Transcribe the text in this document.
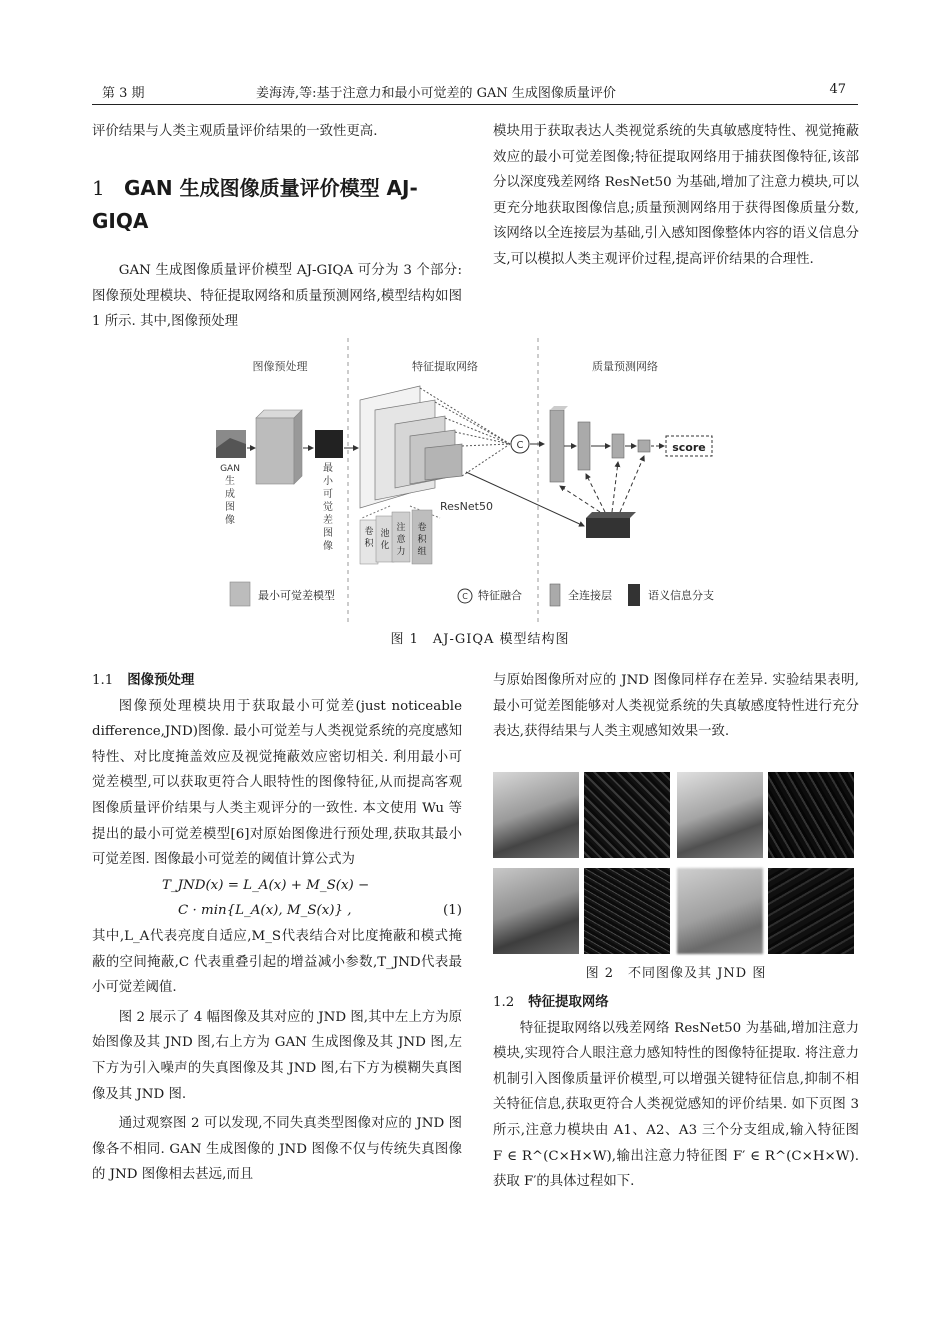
第 3 期	姜海涛,等:基于注意力和最小可觉差的 GAN 生成图像质量评价	47

评价结果与人类主观质量评价结果的一致性更高.

1 GAN 生成图像质量评价模型 AJ-GIQA

GAN 生成图像质量评价模型 AJ-GIQA 可分为 3 个部分:图像预处理模块、特征提取网络和质量预测网络,模型结构如图 1 所示. 其中,图像预处理

模块用于获取表达人类视觉系统的失真敏感度特性、视觉掩蔽效应的最小可觉差图像;特征提取网络用于捕获图像特征,该部分以深度残差网络 ResNet50 为基础,增加了注意力模块,可以更充分地获取图像信息;质量预测网络用于获得图像质量分数,该网络以全连接层为基础,引入感知图像整体内容的语义信息分支,可以模拟人类主观评价过程,提高评价结果的合理性.

图像预处理	特征提取网络	质量预测网络
GAN
生
成
图
像
最
小
可
觉
差
图
像
ResNet50
C
卷
积
池
化
注
意
力
卷
积
组
score
最小可觉差模型	C 特征融合	全连接层	语义信息分支
图 1　AJ-GIQA 模型结构图
1.1 图像预处理

图像预处理模块用于获取最小可觉差(just noticeable difference,JND)图像. 最小可觉差与人类视觉系统的亮度感知特性、对比度掩盖效应及视觉掩蔽效应密切相关. 利用最小可觉差模型,可以获取更符合人眼特性的图像特征,从而提高客观图像质量评价结果与人类主观评分的一致性. 本文使用 Wu 等提出的最小可觉差模型[6]对原始图像进行预处理,获取其最小可觉差图. 图像最小可觉差的阈值计算公式为

T_JND(x) = L_A(x) + M_S(x) −
C · min{L_A(x), M_S(x)} ,	(1)

其中,L_A代表亮度自适应,M_S代表结合对比度掩蔽和模式掩蔽的空间掩蔽,C 代表重叠引起的增益减小参数,T_JND代表最小可觉差阈值.

图 2 展示了 4 幅图像及其对应的 JND 图,其中左上方为原始图像及其 JND 图,右上方为 GAN 生成图像及其 JND 图,左下方为引入噪声的失真图像及其 JND 图,右下方为模糊失真图像及其 JND 图.

通过观察图 2 可以发现,不同失真类型图像对应的 JND 图像各不相同. GAN 生成图像的 JND 图像不仅与传统失真图像的 JND 图像相去甚远,而且

与原始图像所对应的 JND 图像同样存在差异. 实验结果表明,最小可觉差图能够对人类视觉系统的失真敏感度特性进行充分表达,获得结果与人类主观感知效果一致.

图 2　不同图像及其 JND 图
1.2 特征提取网络

特征提取网络以残差网络 ResNet50 为基础,增加注意力模块,实现符合人眼注意力感知特性的图像特征提取. 将注意力机制引入图像质量评价模型,可以增强关键特征信息,抑制不相关特征信息,获取更符合人类视觉感知的评价结果. 如下页图 3 所示,注意力模块由 A1、A2、A3 三个分支组成,输入特征图 F ∈ R^(C×H×W),输出注意力特征图 F′ ∈ R^(C×H×W). 获取 F′的具体过程如下.
